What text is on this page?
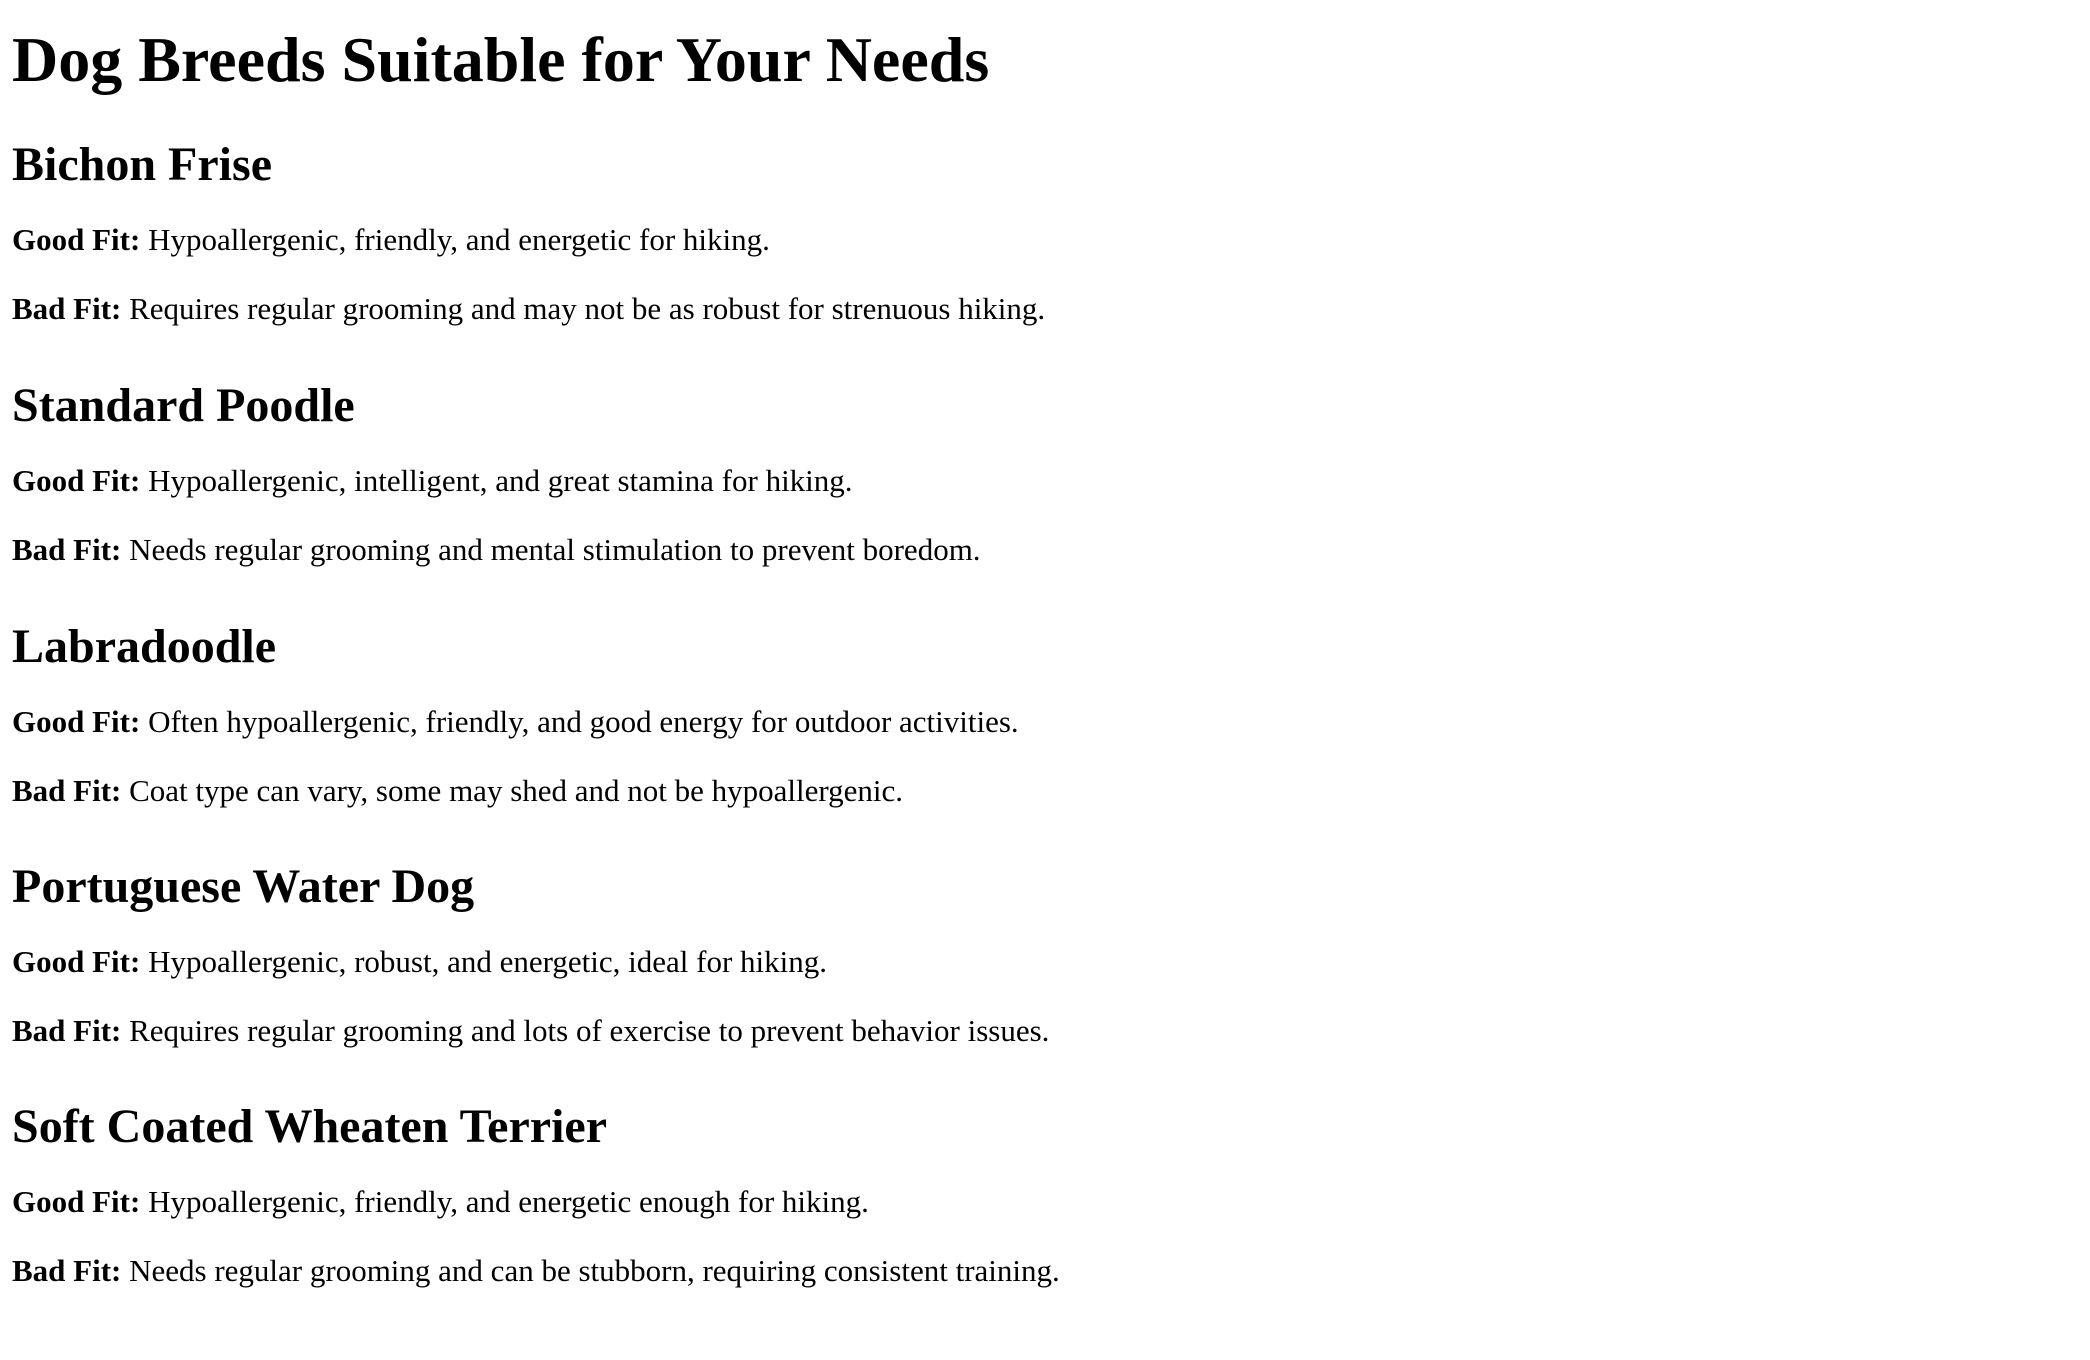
Dog Breeds Suitable for Your Needs
Bichon Frise

Good Fit: Hypoallergenic, friendly, and energetic for hiking.

Bad Fit: Requires regular grooming and may not be as robust for strenuous hiking.

Standard Poodle

Good Fit: Hypoallergenic, intelligent, and great stamina for hiking.

Bad Fit: Needs regular grooming and mental stimulation to prevent boredom.

Labradoodle

Good Fit: Often hypoallergenic, friendly, and good energy for outdoor activities.

Bad Fit: Coat type can vary, some may shed and not be hypoallergenic.

Portuguese Water Dog

Good Fit: Hypoallergenic, robust, and energetic, ideal for hiking.

Bad Fit: Requires regular grooming and lots of exercise to prevent behavior issues.

Soft Coated Wheaten Terrier

Good Fit: Hypoallergenic, friendly, and energetic enough for hiking.

Bad Fit: Needs regular grooming and can be stubborn, requiring consistent training.
